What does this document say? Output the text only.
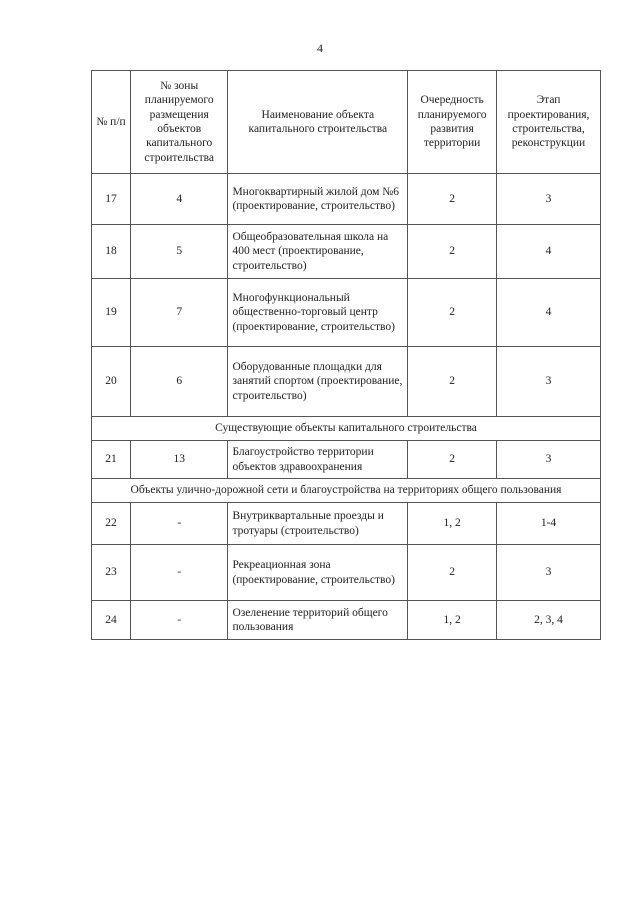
4
№ п/п	№ зоны планируемого размещения объектов капитального строительства	Наименование объекта капитального строительства	Очередность планируемого развития территории	Этап проектирования, строительства, реконструкции
17	4	Многоквартирный жилой дом №6 (проектирование, строительство)	2	3
18	5	Общеобразовательная школа на 400 мест (проектирование, строительство)	2	4
19	7	Многофункциональный общественно-торговый центр (проектирование, строительство)	2	4
20	6	Оборудованные площадки для занятий спортом (проектирование, строительство)	2	3
Существующие объекты капитального строительства				
21	13	Благоустройство территории объектов здравоохранения	2	3
Объекты улично-дорожной сети и благоустройства на территориях общего пользования				
22	-	Внутриквартальные проезды и тротуары (строительство)	1, 2	1-4
23	-	Рекреационная зона (проектирование, строительство)	2	3
24	-	Озеленение территорий общего пользования	1, 2	2, 3, 4
